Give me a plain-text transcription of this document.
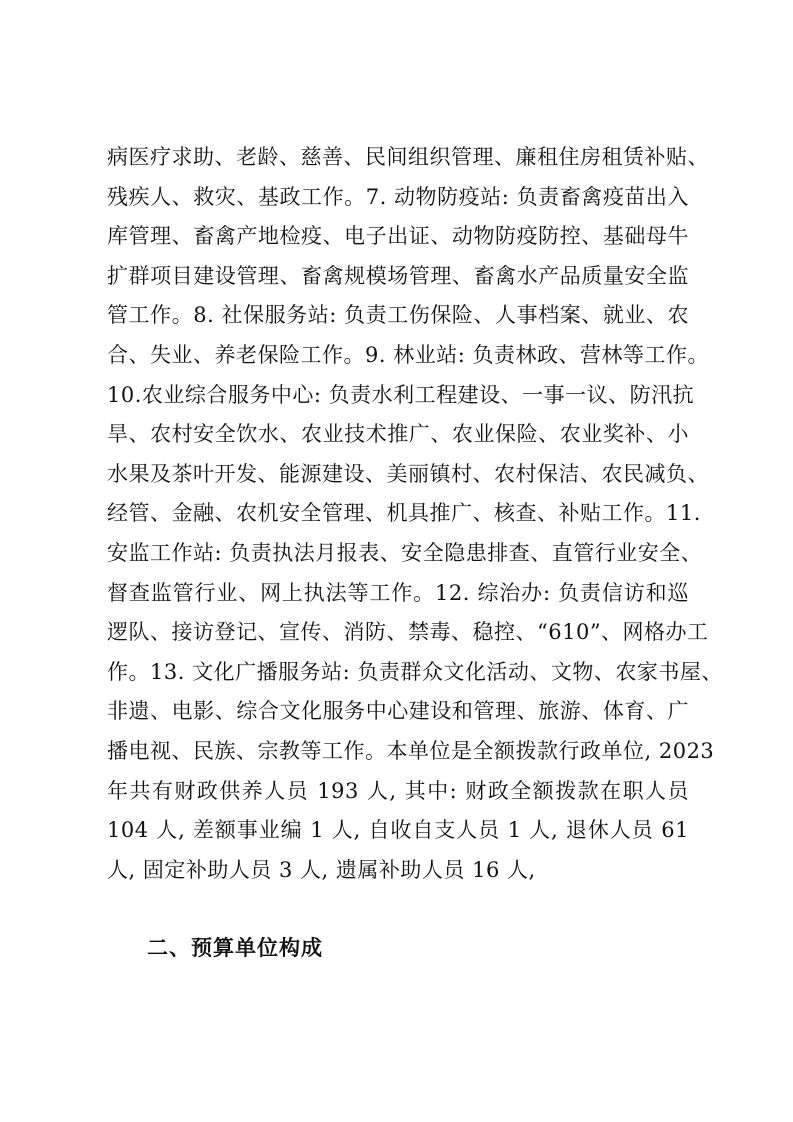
病医疗求助、老龄、慈善、民间组织管理、廉租住房租赁补贴、
残疾人、救灾、基政工作。7. 动物防疫站: 负责畜禽疫苗出入
库管理、畜禽产地检疫、电子出证、动物防疫防控、基础母牛
扩群项目建设管理、畜禽规模场管理、畜禽水产品质量安全监
管工作。8. 社保服务站: 负责工伤保险、人事档案、就业、农
合、失业、养老保险工作。9. 林业站: 负责林政、营林等工作。
10.农业综合服务中心: 负责水利工程建设、一事一议、防汛抗
旱、农村安全饮水、农业技术推广、农业保险、农业奖补、小
水果及茶叶开发、能源建设、美丽镇村、农村保洁、农民减负、
经管、金融、农机安全管理、机具推广、核查、补贴工作。11.
安监工作站: 负责执法月报表、安全隐患排查、直管行业安全、
督查监管行业、网上执法等工作。12. 综治办: 负责信访和巡
逻队、接访登记、宣传、消防、禁毒、稳控、“610”、网格办工
作。13. 文化广播服务站: 负责群众文化活动、文物、农家书屋、
非遗、电影、综合文化服务中心建设和管理、旅游、体育、广
播电视、民族、宗教等工作。本单位是全额拨款行政单位, 2023
年共有财政供养人员 193 人, 其中: 财政全额拨款在职人员
104 人, 差额事业编 1 人, 自收自支人员 1 人, 退休人员 61
人, 固定补助人员 3 人, 遗属补助人员 16 人,
二、预算单位构成
